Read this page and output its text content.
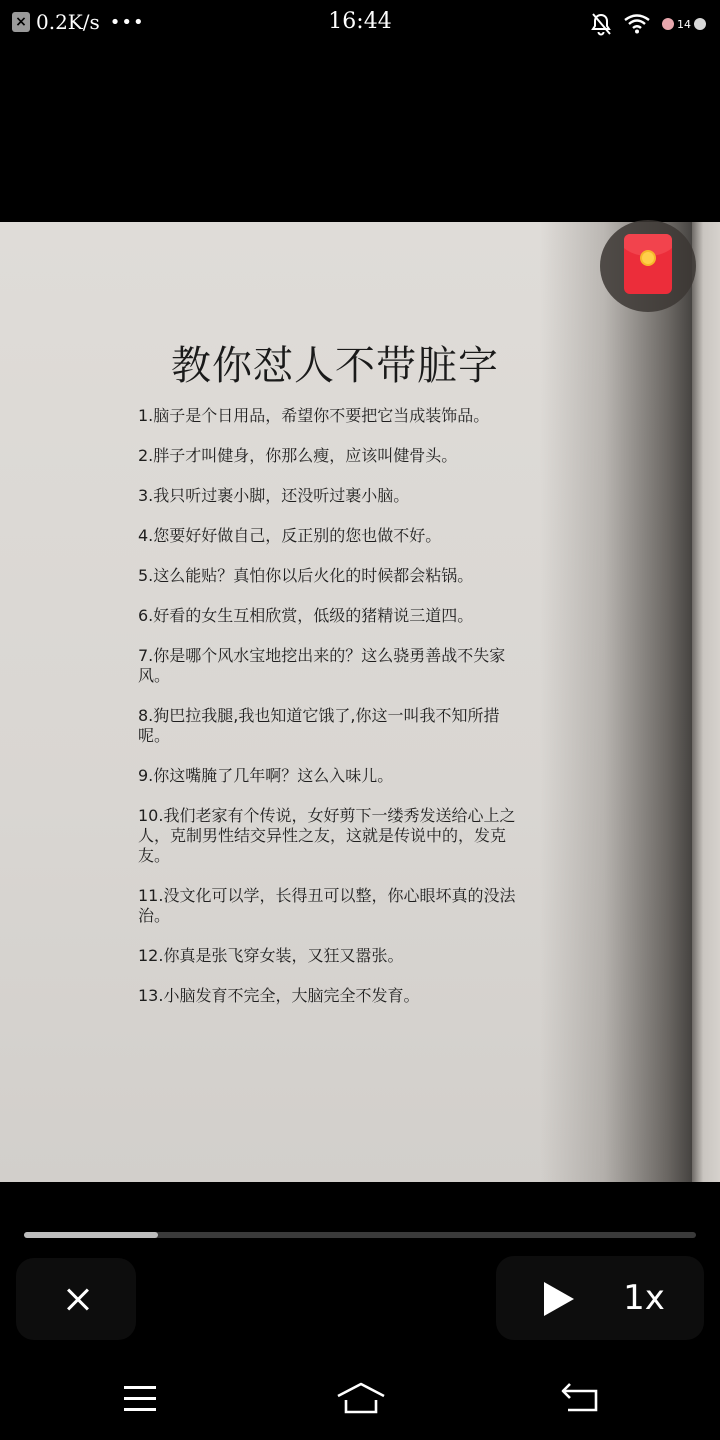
× 0.2K/s •••	16:44	14
教你怼人不带脏字
1.脑子是个日用品，希望你不要把它当成装饰品。
2.胖子才叫健身，你那么瘦，应该叫健骨头。
3.我只听过裹小脚，还没听过裹小脑。
4.您要好好做自己，反正别的您也做不好。
5.这么能贴？真怕你以后火化的时候都会粘锅。
6.好看的女生互相欣赏，低级的猪精说三道四。
7.你是哪个风水宝地挖出来的？这么骁勇善战不失家
风。
8.狗巴拉我腿,我也知道它饿了,你这一叫我不知所措
呢。
9.你这嘴腌了几年啊？这么入味儿。
10.我们老家有个传说，女好剪下一缕秀发送给心上之
人，克制男性结交异性之友，这就是传说中的，发克
友。
11.没文化可以学，长得丑可以整，你心眼坏真的没法
治。
12.你真是张飞穿女装，又狂又嚣张。
13.小脑发育不完全，大脑完全不发育。
1x
